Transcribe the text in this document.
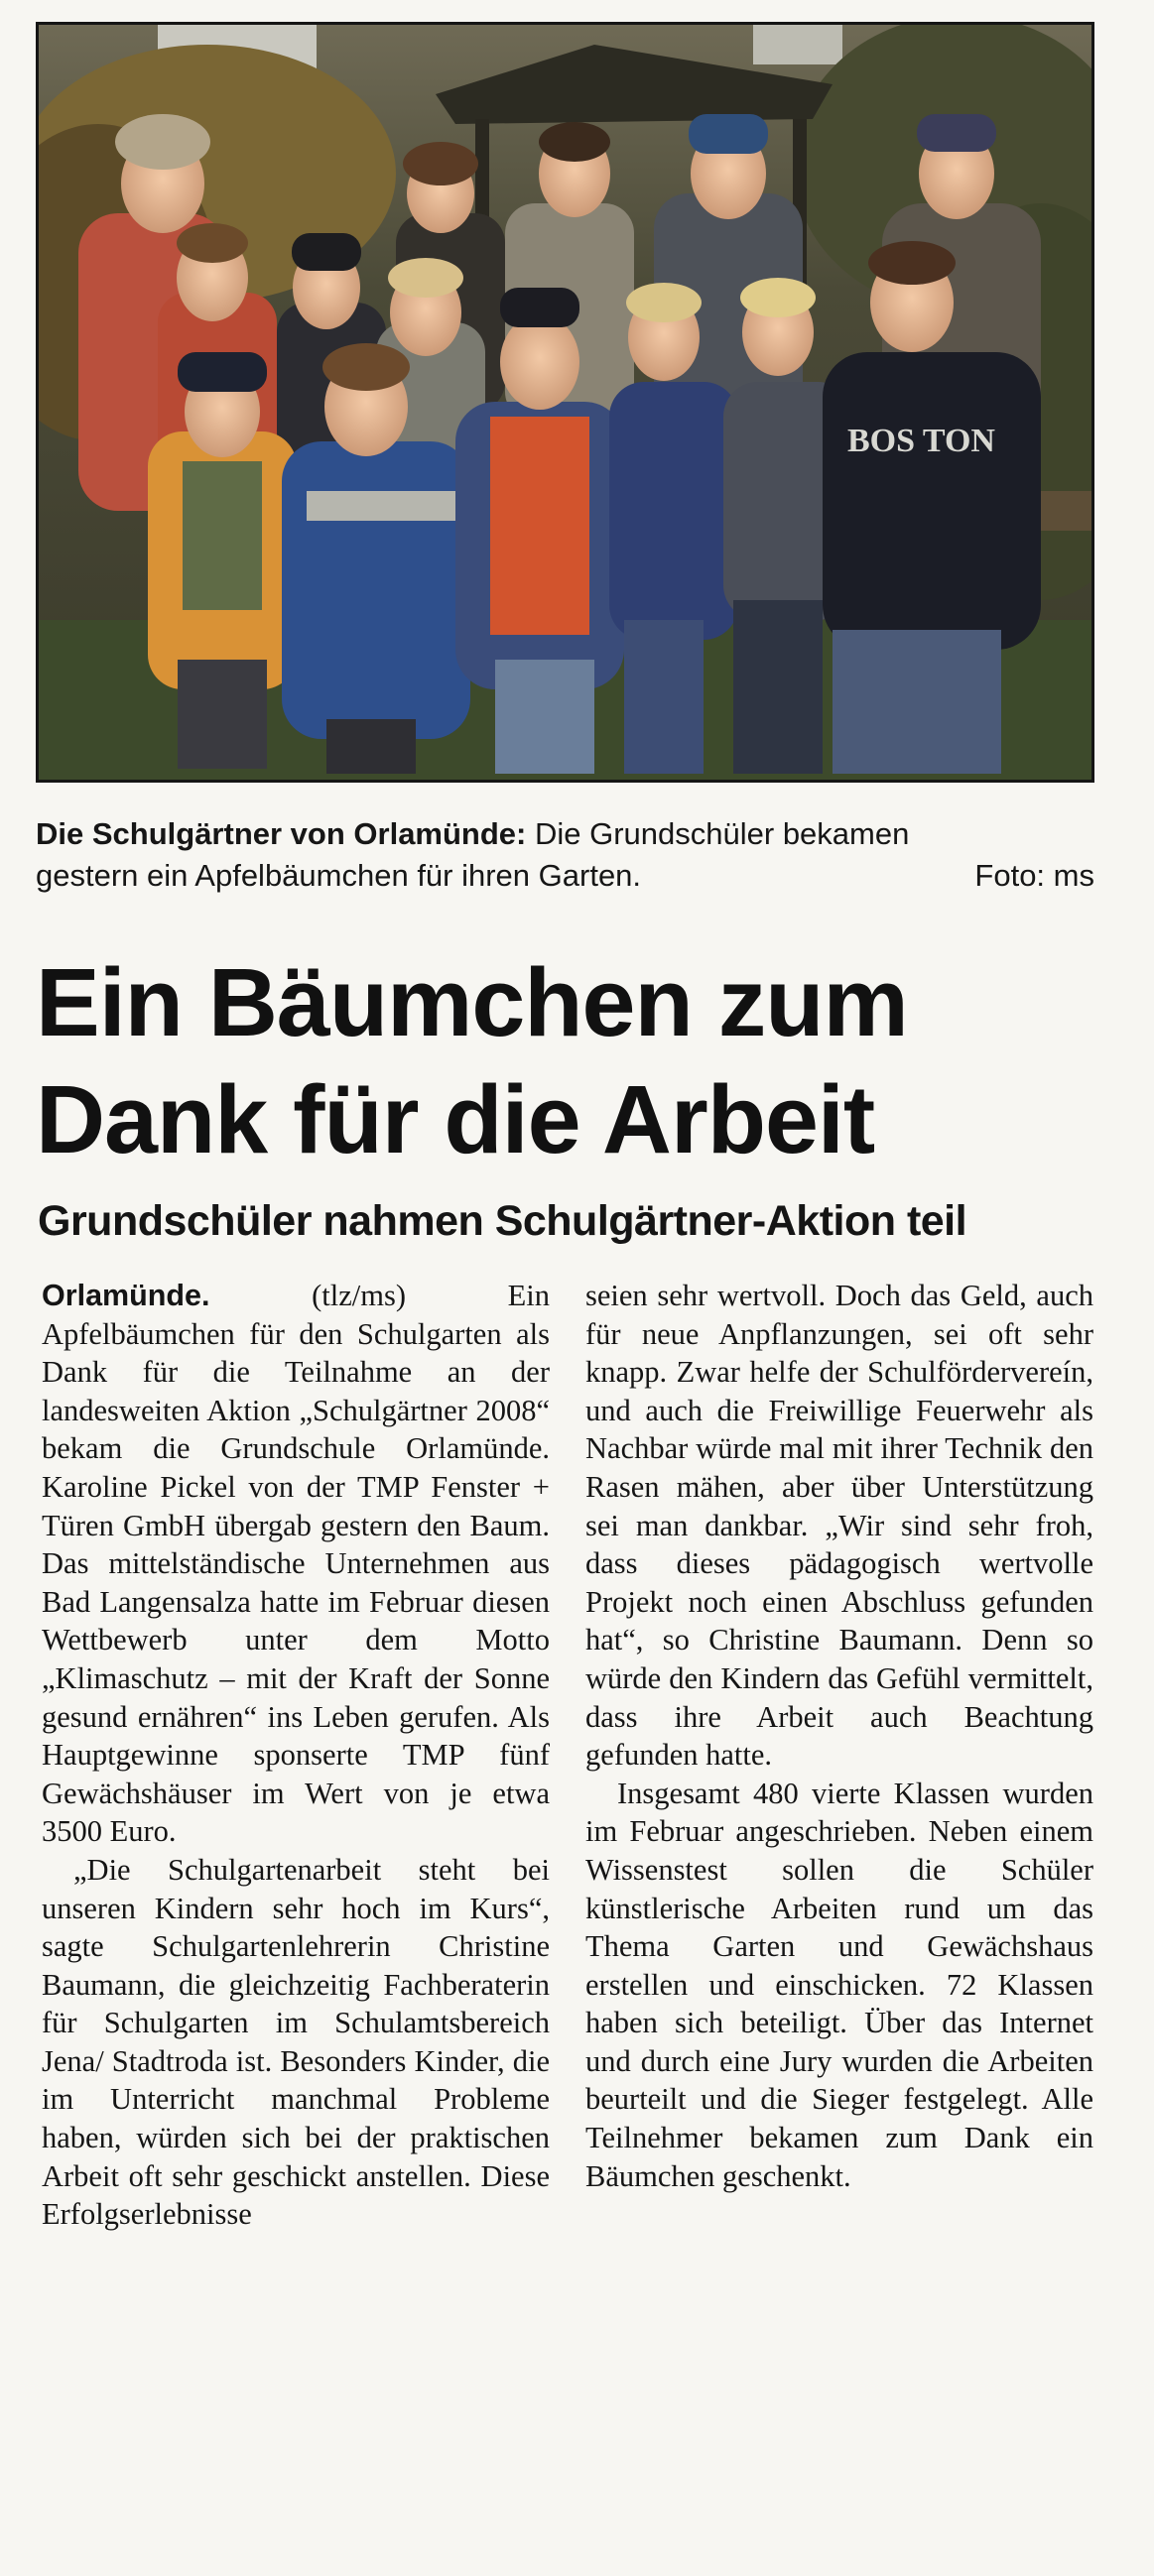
BOS TON
Die Schulgärtner von Orlamünde: Die Grundschüler bekamen
gestern ein Apfelbäumchen für ihren Garten.	Foto: ms
Ein Bäumchen zum
Dank für die Arbeit
Grundschüler nahmen Schulgärtner-Aktion teil

Orlamünde. (tlz/ms) Ein Apfelbäumchen für den Schulgarten als Dank für die Teilnahme an der landesweiten Aktion „Schulgärtner 2008“ bekam die Grundschule Orlamünde. Karoline Pickel von der TMP Fenster + Türen GmbH übergab gestern den Baum. Das mittelständische Unternehmen aus Bad Langensalza hatte im Februar diesen Wettbewerb unter dem Motto „Klimaschutz – mit der Kraft der Sonne gesund ernähren“ ins Leben gerufen. Als Hauptgewinne sponserte TMP fünf Gewächshäuser im Wert von je etwa 3500 Euro.

„Die Schulgartenarbeit steht bei unseren Kindern sehr hoch im Kurs“, sagte Schulgartenlehrerin Christine Baumann, die gleichzeitig Fachberaterin für Schulgarten im Schulamtsbereich Jena/ Stadtroda ist. Besonders Kinder, die im Unterricht manchmal Probleme haben, würden sich bei der praktischen Arbeit oft sehr geschickt anstellen. Diese Erfolgserlebnisse

seien sehr wertvoll. Doch das Geld, auch für neue Anpflanzungen, sei oft sehr knapp. Zwar helfe der Schulfördervereín, und auch die Freiwillige Feuerwehr als Nachbar würde mal mit ihrer Technik den Rasen mähen, aber über Unterstützung sei man dankbar. „Wir sind sehr froh, dass dieses pädagogisch wertvolle Projekt noch einen Abschluss gefunden hat“, so Christine Baumann. Denn so würde den Kindern das Gefühl vermittelt, dass ihre Arbeit auch Beachtung gefunden hatte.

Insgesamt 480 vierte Klassen wurden im Februar angeschrieben. Neben einem Wissenstest sollen die Schüler künstlerische Arbeiten rund um das Thema Garten und Gewächshaus erstellen und einschicken. 72 Klassen haben sich beteiligt. Über das Internet und durch eine Jury wurden die Arbeiten beurteilt und die Sieger festgelegt. Alle Teilnehmer bekamen zum Dank ein Bäumchen geschenkt.
